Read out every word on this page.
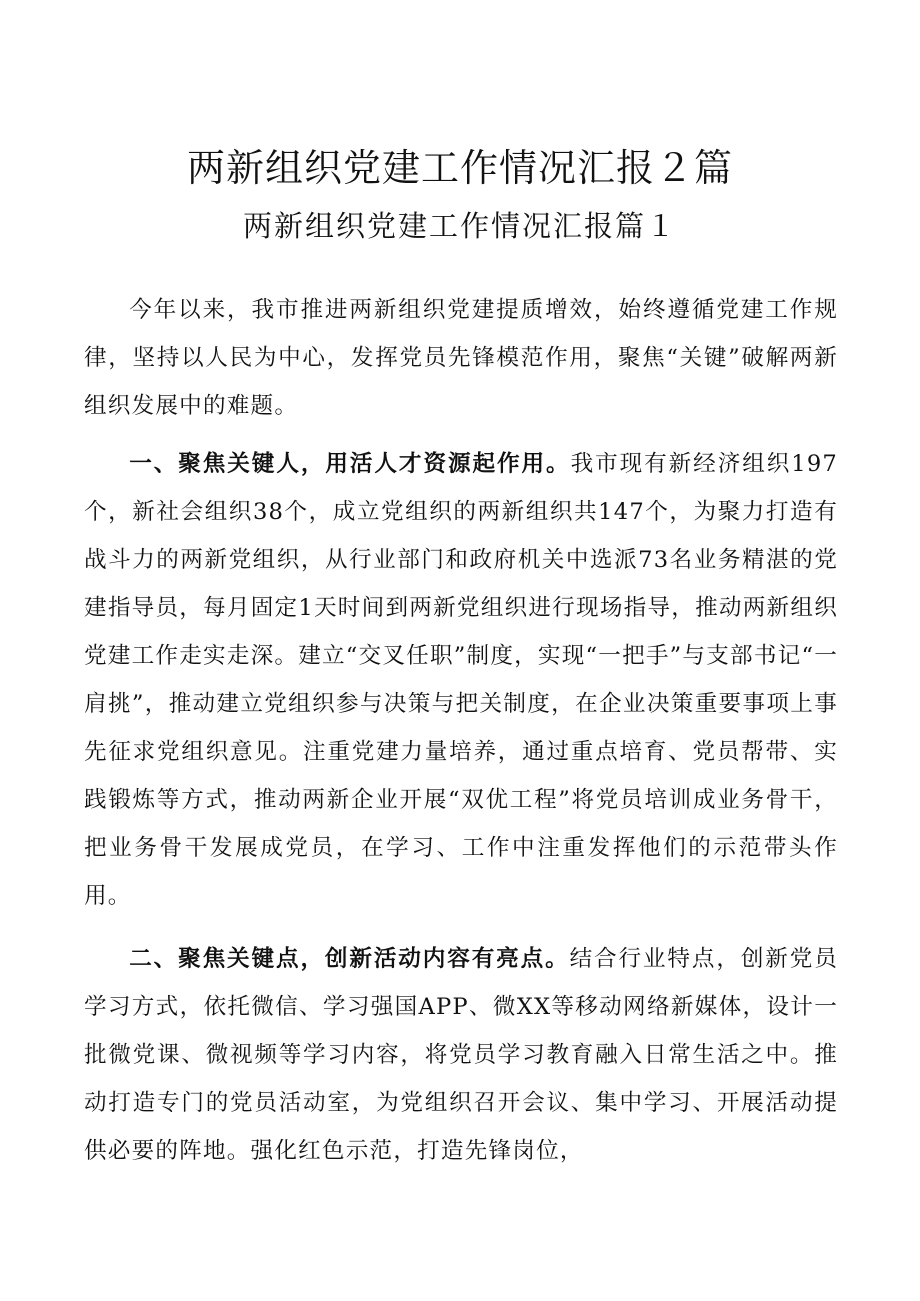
两新组织党建工作情况汇报２篇
两新组织党建工作情况汇报篇１

今年以来，我市推进两新组织党建提质增效，始终遵循党建工作规律，坚持以人民为中心，发挥党员先锋模范作用，聚焦“关键”破解两新组织发展中的难题。

一、聚焦关键人，用活人才资源起作用。我市现有新经济组织197个，新社会组织38个，成立党组织的两新组织共147个，为聚力打造有战斗力的两新党组织，从行业部门和政府机关中选派73名业务精湛的党建指导员，每月固定1天时间到两新党组织进行现场指导，推动两新组织党建工作走实走深。建立“交叉任职”制度，实现“一把手”与支部书记“一肩挑”，推动建立党组织参与决策与把关制度，在企业决策重要事项上事先征求党组织意见。注重党建力量培养，通过重点培育、党员帮带、实践锻炼等方式，推动两新企业开展“双优工程”将党员培训成业务骨干，把业务骨干发展成党员，在学习、工作中注重发挥他们的示范带头作用。

二、聚焦关键点，创新活动内容有亮点。结合行业特点，创新党员学习方式，依托微信、学习强国APP、微XX等移动网络新媒体，设计一批微党课、微视频等学习内容，将党员学习教育融入日常生活之中。推动打造专门的党员活动室，为党组织召开会议、集中学习、开展活动提供必要的阵地。强化红色示范，打造先锋岗位，
